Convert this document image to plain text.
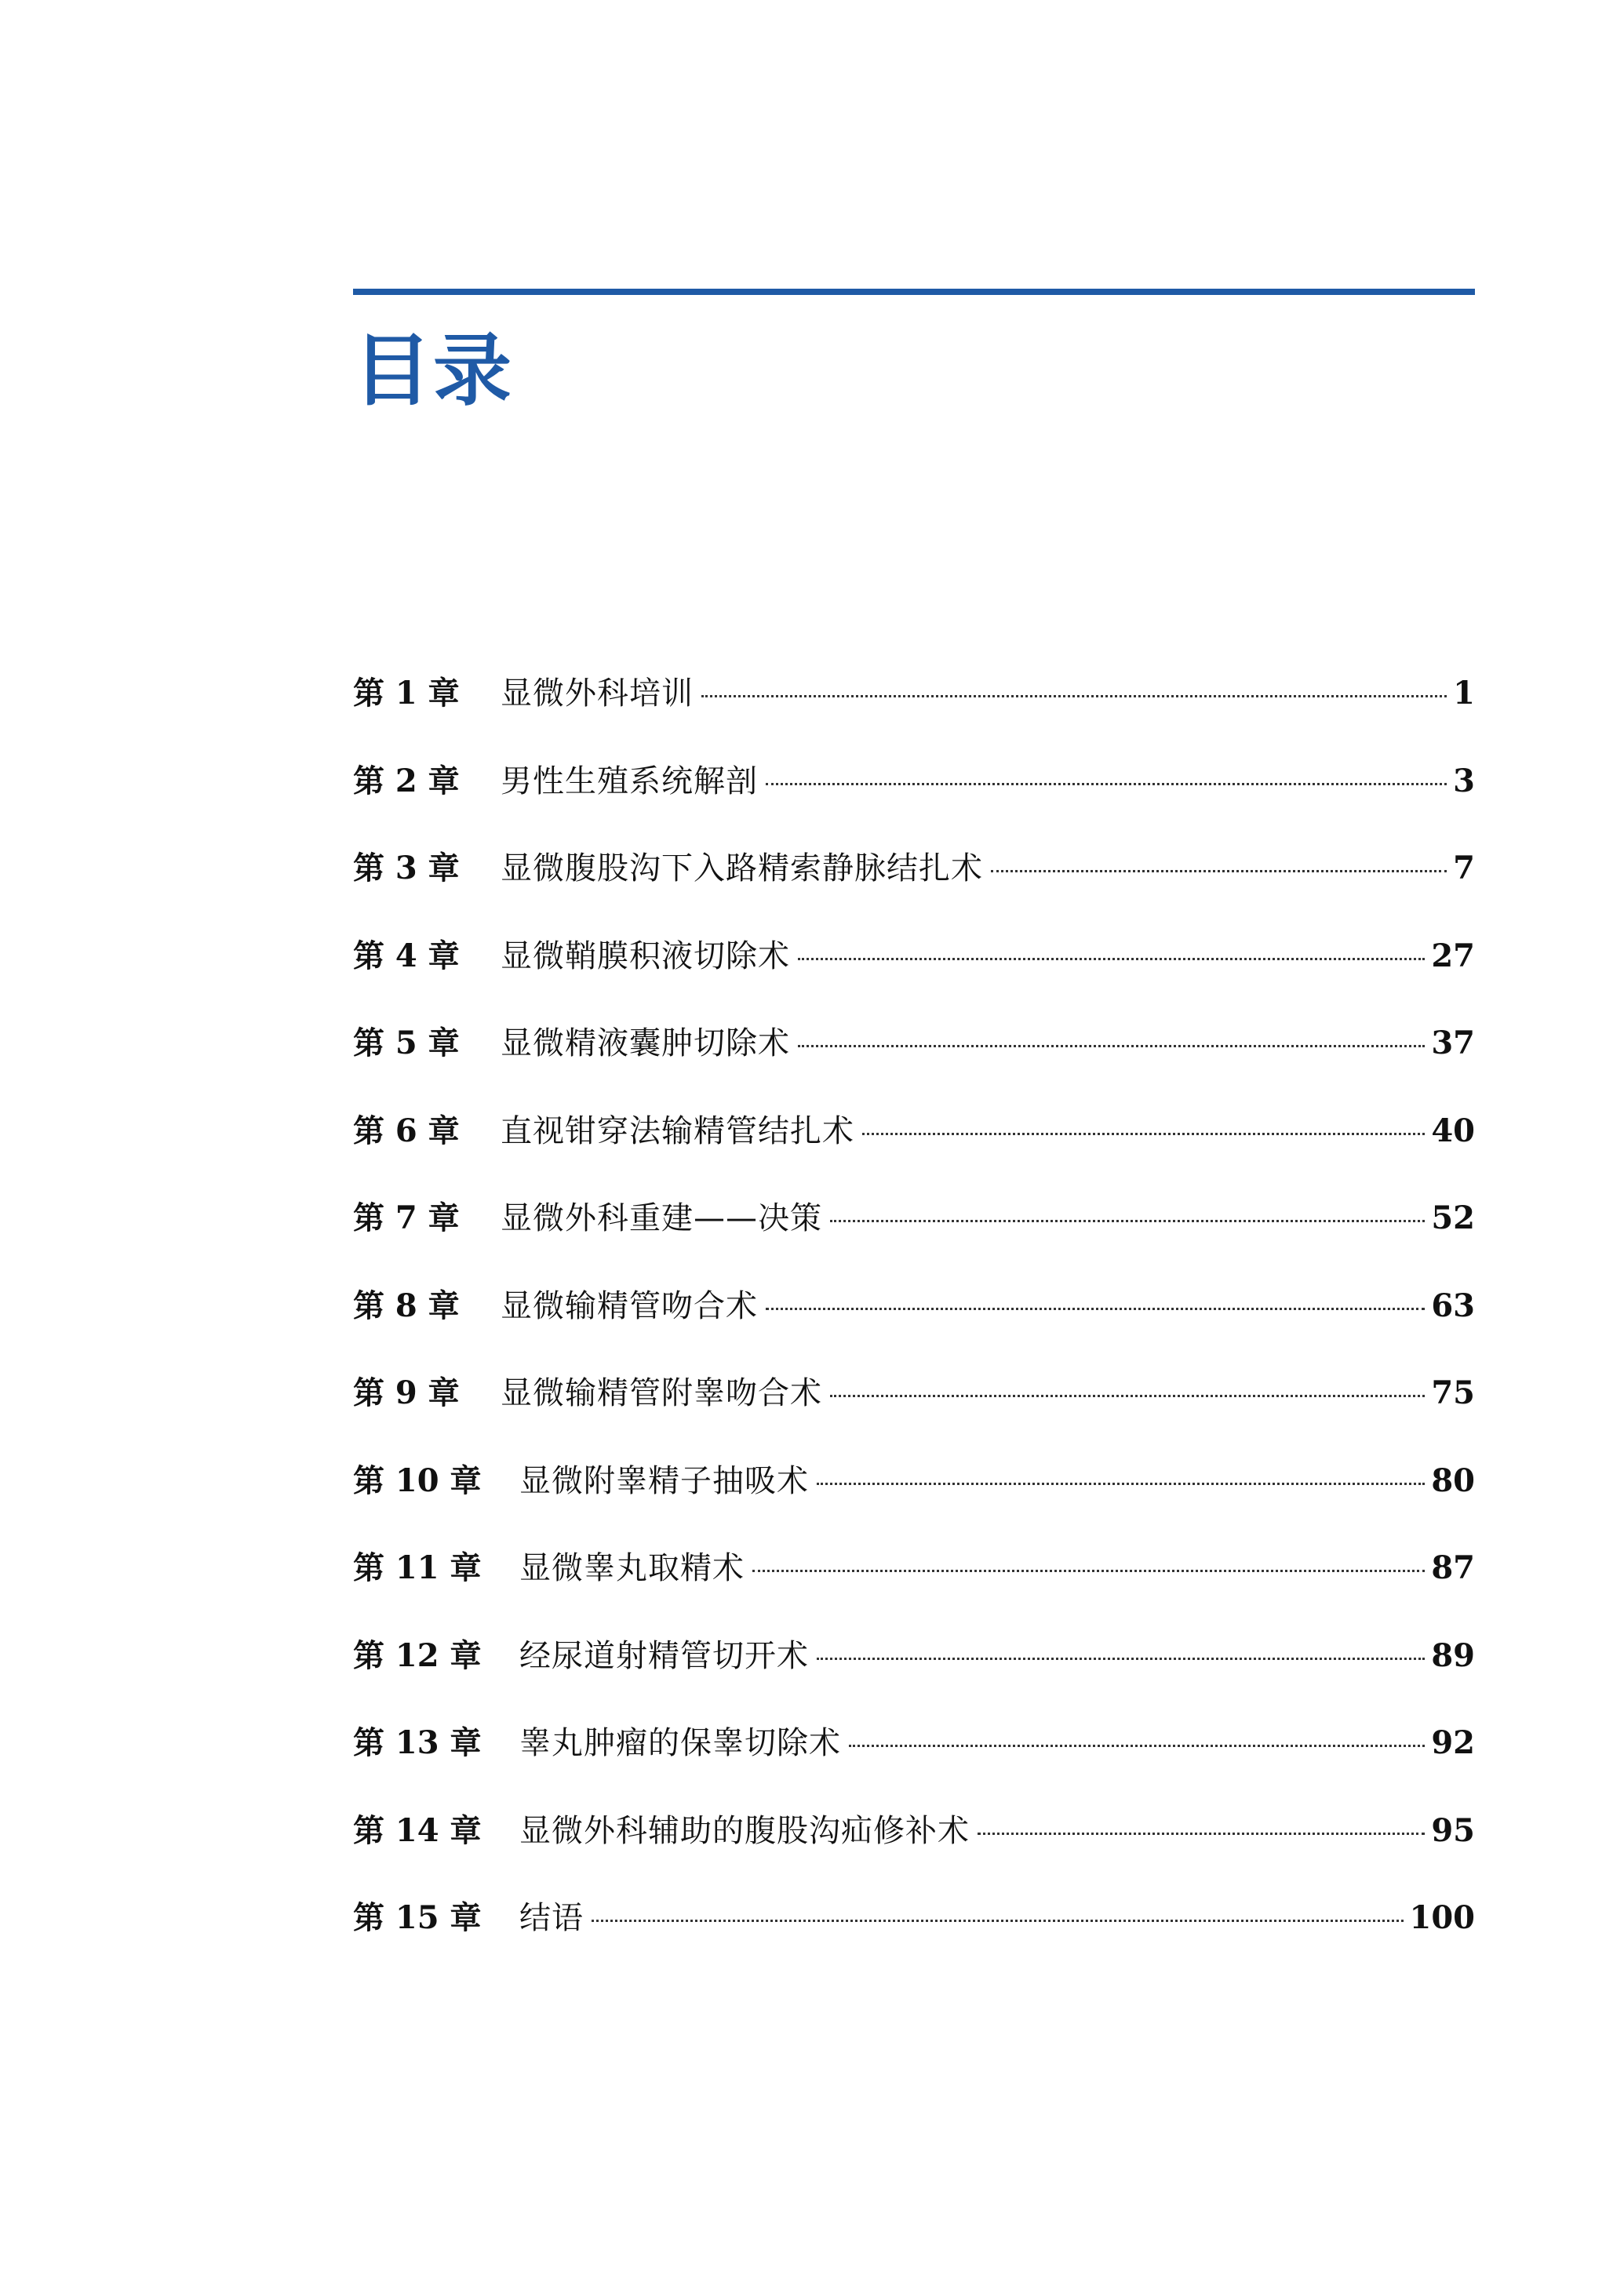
目录
第 1 章	显微外科培训	1
第 2 章	男性生殖系统解剖	3
第 3 章	显微腹股沟下入路精索静脉结扎术	7
第 4 章	显微鞘膜积液切除术	27
第 5 章	显微精液囊肿切除术	37
第 6 章	直视钳穿法输精管结扎术	40
第 7 章	显微外科重建——决策	52
第 8 章	显微输精管吻合术	63
第 9 章	显微输精管附睾吻合术	75
第 10 章	显微附睾精子抽吸术	80
第 11 章	显微睾丸取精术	87
第 12 章	经尿道射精管切开术	89
第 13 章	睾丸肿瘤的保睾切除术	92
第 14 章	显微外科辅助的腹股沟疝修补术	95
第 15 章	结语	100
